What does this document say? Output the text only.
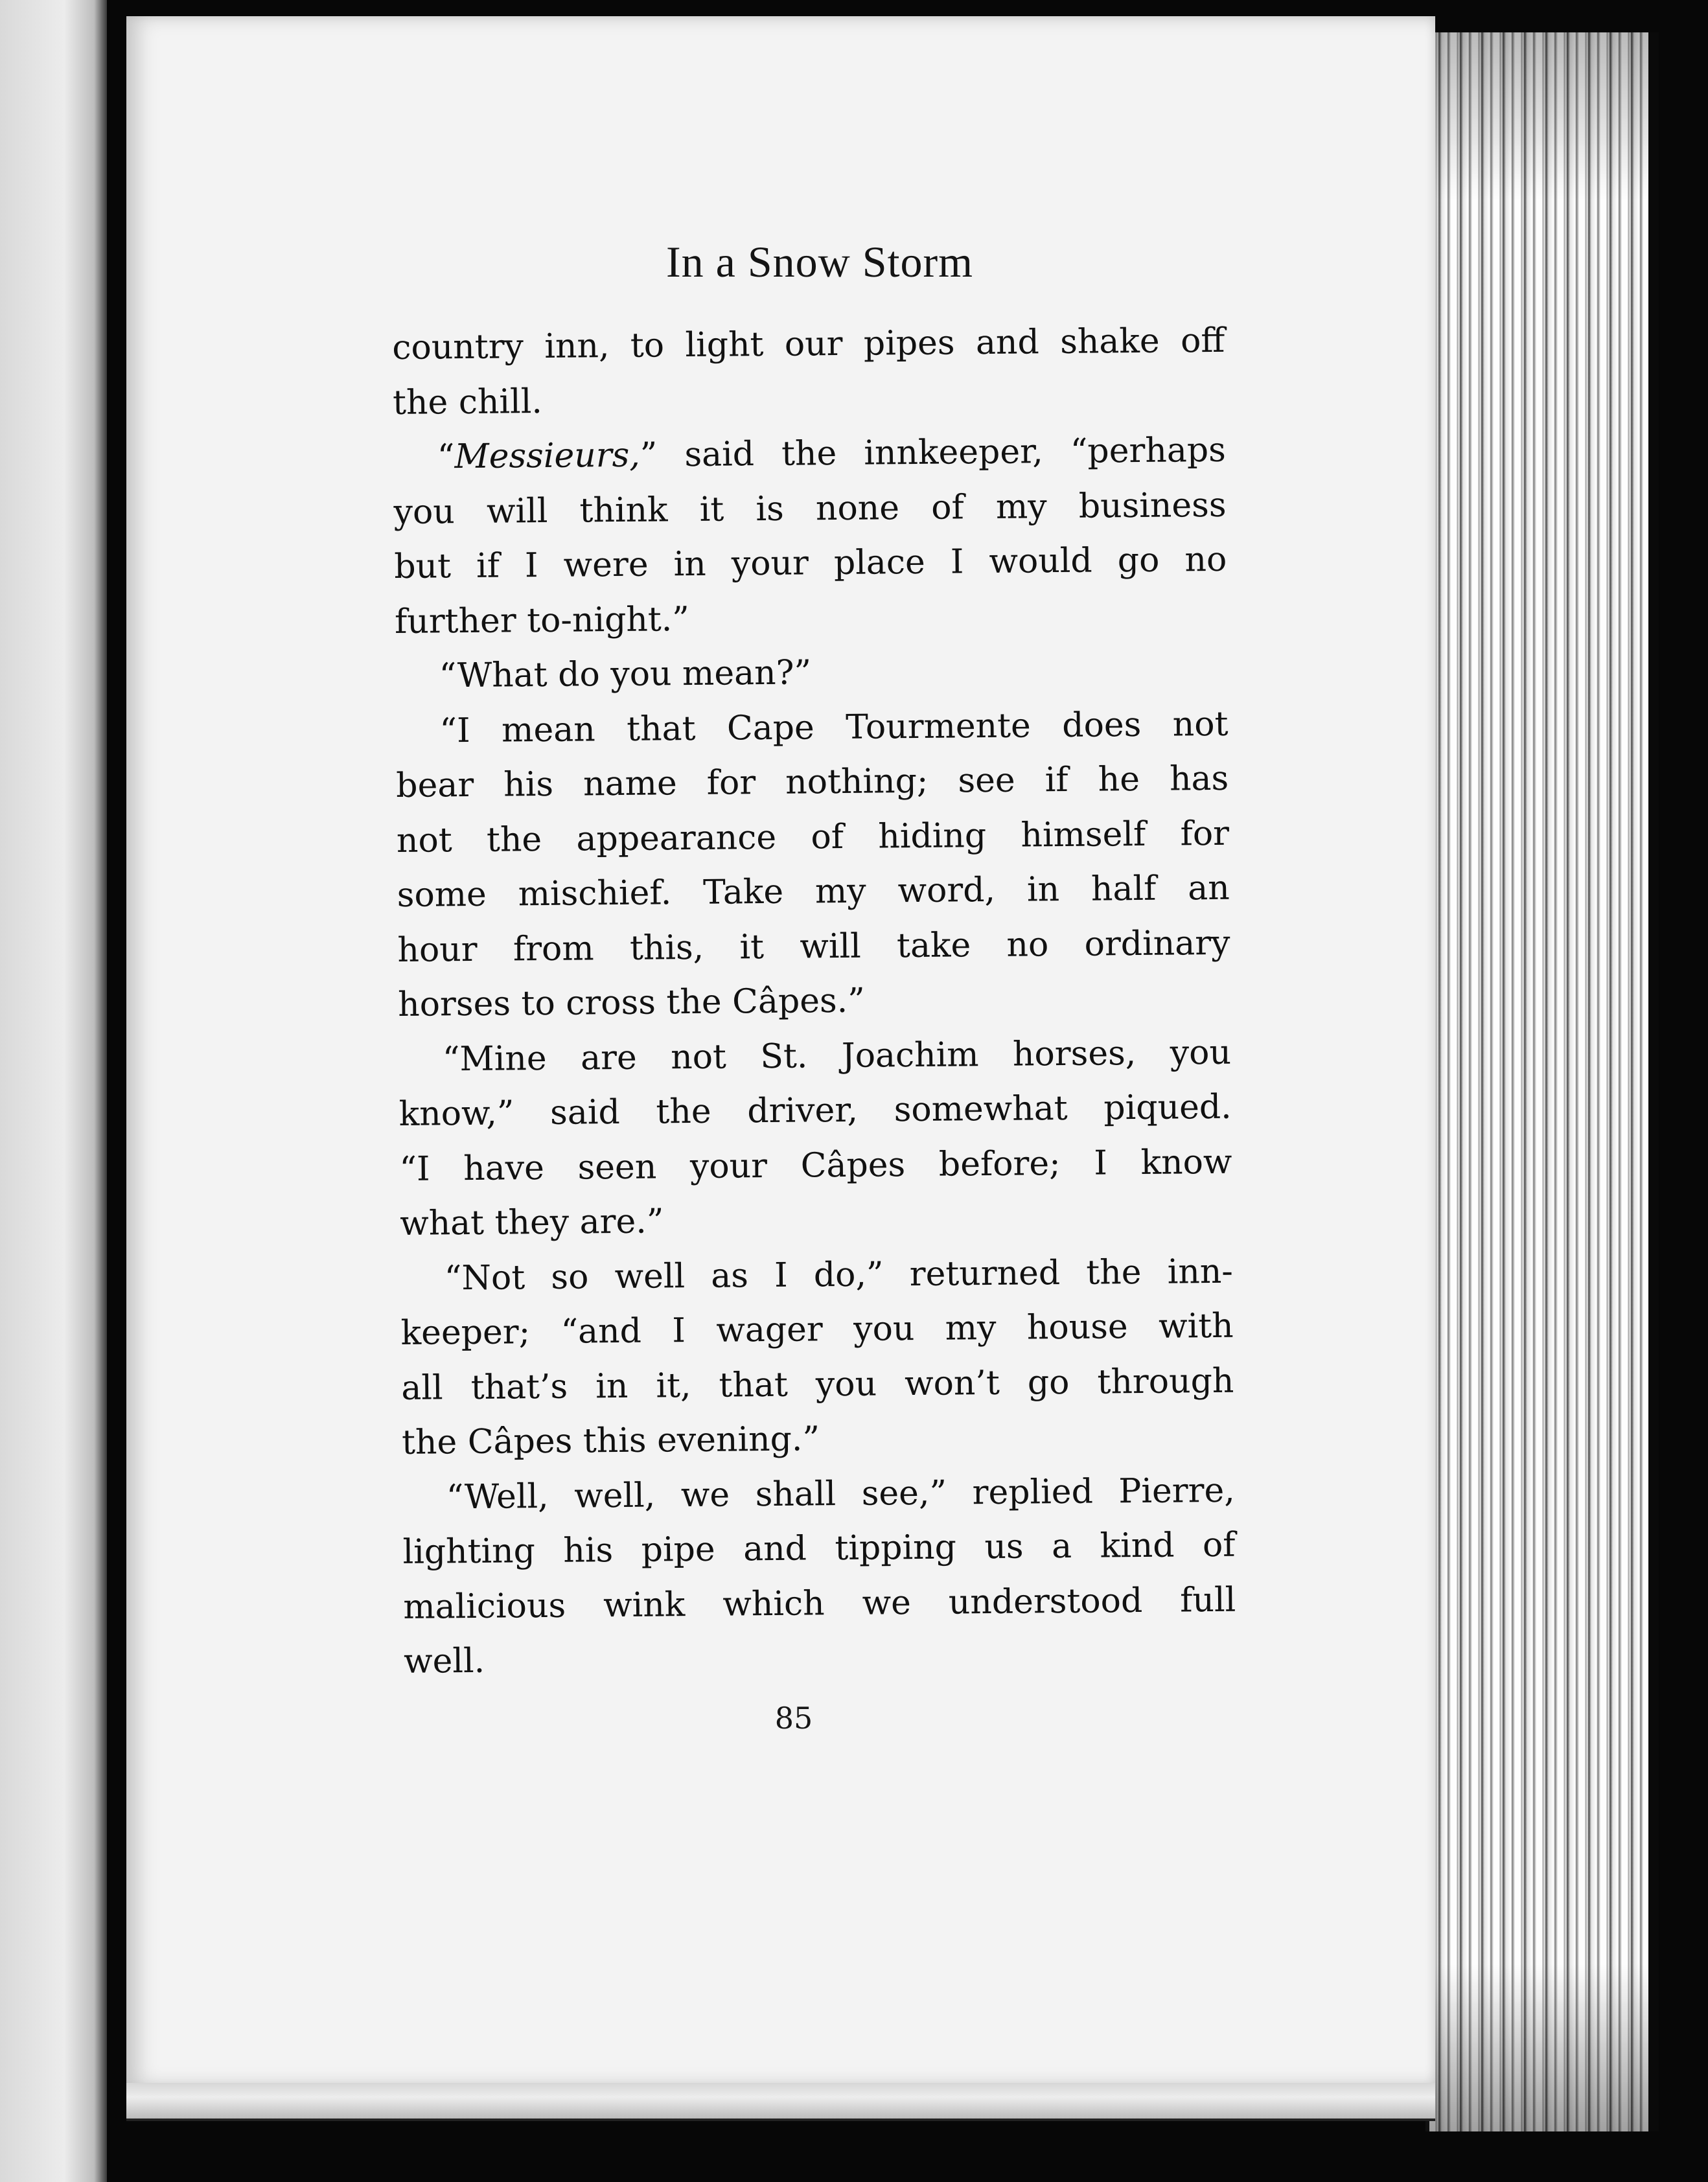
In a Snow Storm
country inn, to light our pipes and shake off
the chill.
“Messieurs,” said the innkeeper, “perhaps
you will think it is none of my business
but if I were in your place I would go no
further to-night.”
“What do you mean?”
“I mean that Cape Tourmente does not
bear his name for nothing; see if he has
not the appearance of hiding himself for
some mischief. Take my word, in half an
hour from this, it will take no ordinary
horses to cross the Câpes.”
“Mine are not St. Joachim horses, you
know,” said the driver, somewhat piqued.
“I have seen your Câpes before; I know
what they are.”
“Not so well as I do,” returned the inn-
keeper; “and I wager you my house with
all that’s in it, that you won’t go through
the Câpes this evening.”
“Well, well, we shall see,” replied Pierre,
lighting his pipe and tipping us a kind of
malicious wink which we understood full
well.
85
